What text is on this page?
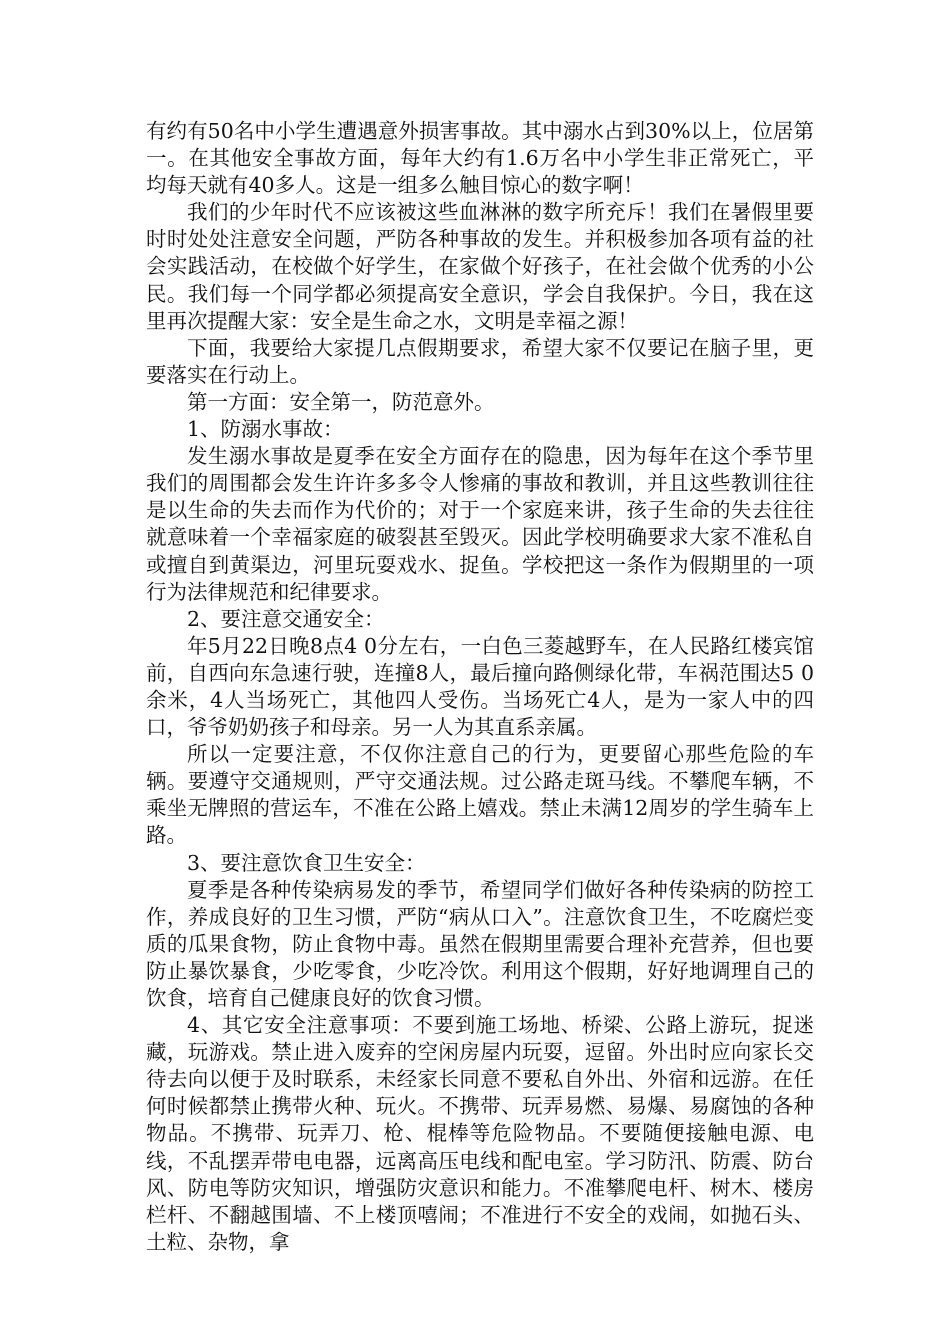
有约有50名中小学生遭遇意外损害事故。其中溺水占到30%以上，位居第一。在其他安全事故方面，每年大约有1.6万名中小学生非正常死亡，平均每天就有40多人。这是一组多么触目惊心的数字啊！

我们的少年时代不应该被这些血淋淋的数字所充斥！我们在暑假里要时时处处注意安全问题，严防各种事故的发生。并积极参加各项有益的社会实践活动，在校做个好学生，在家做个好孩子，在社会做个优秀的小公民。我们每一个同学都必须提高安全意识，学会自我保护。今日，我在这里再次提醒大家：安全是生命之水，文明是幸福之源！

下面，我要给大家提几点假期要求，希望大家不仅要记在脑子里，更要落实在行动上。

第一方面：安全第一，防范意外。

1、防溺水事故：

发生溺水事故是夏季在安全方面存在的隐患，因为每年在这个季节里我们的周围都会发生许许多多令人惨痛的事故和教训，并且这些教训往往是以生命的失去而作为代价的；对于一个家庭来讲，孩子生命的失去往往就意味着一个幸福家庭的破裂甚至毁灭。因此学校明确要求大家不准私自或擅自到黄渠边，河里玩耍戏水、捉鱼。学校把这一条作为假期里的一项行为法律规范和纪律要求。

2、要注意交通安全：

年5月22日晚8点4 0分左右，一白色三菱越野车，在人民路红楼宾馆前，自西向东急速行驶，连撞8人，最后撞向路侧绿化带，车祸范围达5 0余米，4人当场死亡，其他四人受伤。当场死亡4人，是为一家人中的四口，爷爷奶奶孩子和母亲。另一人为其直系亲属。

所以一定要注意，不仅你注意自己的行为，更要留心那些危险的车辆。要遵守交通规则，严守交通法规。过公路走斑马线。不攀爬车辆，不乘坐无牌照的营运车，不准在公路上嬉戏。禁止未满12周岁的学生骑车上路。

3、要注意饮食卫生安全：

夏季是各种传染病易发的季节，希望同学们做好各种传染病的防控工作，养成良好的卫生习惯，严防“病从口入”。注意饮食卫生，不吃腐烂变质的瓜果食物，防止食物中毒。虽然在假期里需要合理补充营养，但也要防止暴饮暴食，少吃零食，少吃冷饮。利用这个假期，好好地调理自己的饮食，培育自己健康良好的饮食习惯。

4、其它安全注意事项：不要到施工场地、桥梁、公路上游玩，捉迷藏，玩游戏。禁止进入废弃的空闲房屋内玩耍，逗留。外出时应向家长交待去向以便于及时联系，未经家长同意不要私自外出、外宿和远游。在任何时候都禁止携带火种、玩火。不携带、玩弄易燃、易爆、易腐蚀的各种物品。不携带、玩弄刀、枪、棍棒等危险物品。不要随便接触电源、电线，不乱摆弄带电电器，远离高压电线和配电室。学习防汛、防震、防台风、防电等防灾知识，增强防灾意识和能力。不准攀爬电杆、树木、楼房栏杆、不翻越围墙、不上楼顶嘻闹；不准进行不安全的戏闹，如抛石头、土粒、杂物，拿
